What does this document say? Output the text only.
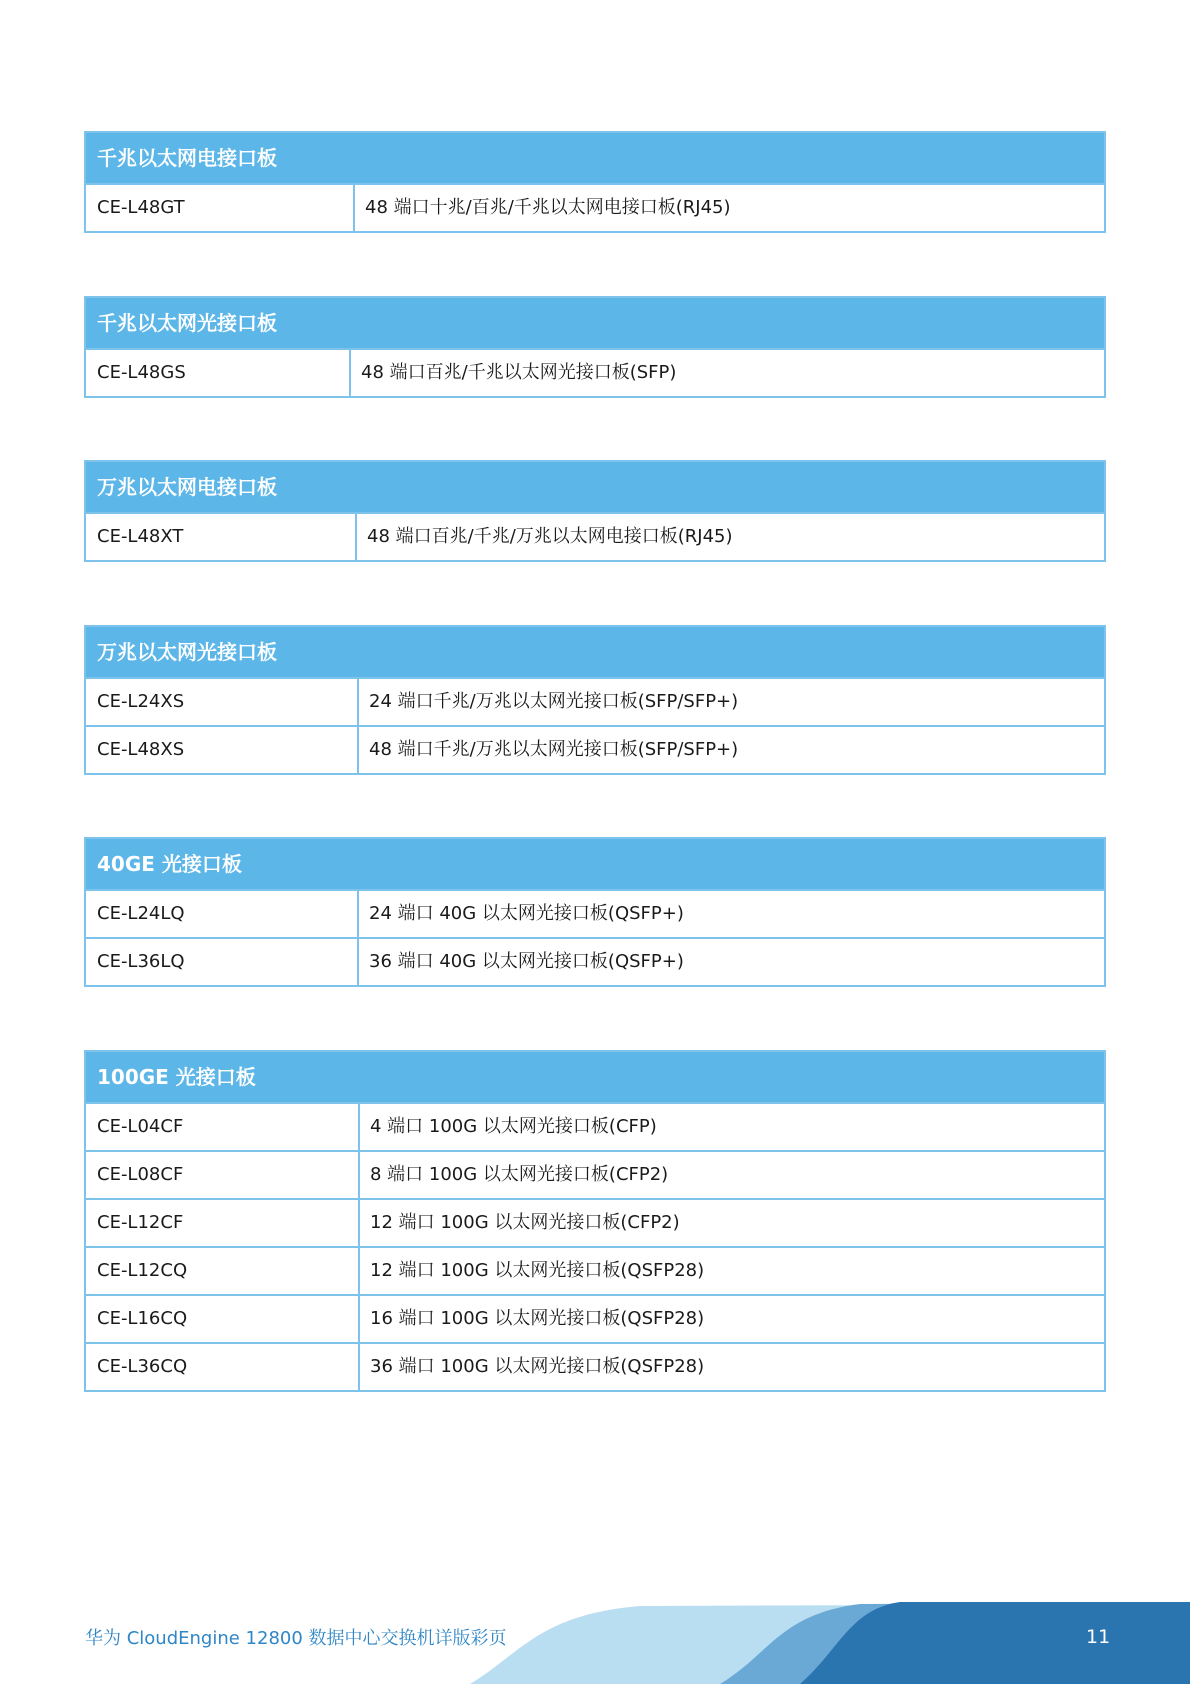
千兆以太网电接口板
CE-L48GT	48 端口十兆/百兆/千兆以太网电接口板(RJ45)
千兆以太网光接口板
CE-L48GS	48 端口百兆/千兆以太网光接口板(SFP)
万兆以太网电接口板
CE-L48XT	48 端口百兆/千兆/万兆以太网电接口板(RJ45)
万兆以太网光接口板
CE-L24XS	24 端口千兆/万兆以太网光接口板(SFP/SFP+)
CE-L48XS	48 端口千兆/万兆以太网光接口板(SFP/SFP+)
40GE 光接口板
CE-L24LQ	24 端口 40G 以太网光接口板(QSFP+)
CE-L36LQ	36 端口 40G 以太网光接口板(QSFP+)
100GE 光接口板
CE-L04CF	4 端口 100G 以太网光接口板(CFP)
CE-L08CF	8 端口 100G 以太网光接口板(CFP2)
CE-L12CF	12 端口 100G 以太网光接口板(CFP2)
CE-L12CQ	12 端口 100G 以太网光接口板(QSFP28)
CE-L16CQ	16 端口 100G 以太网光接口板(QSFP28)
CE-L36CQ	36 端口 100G 以太网光接口板(QSFP28)
华为 CloudEngine 12800 数据中心交换机详版彩页	11
